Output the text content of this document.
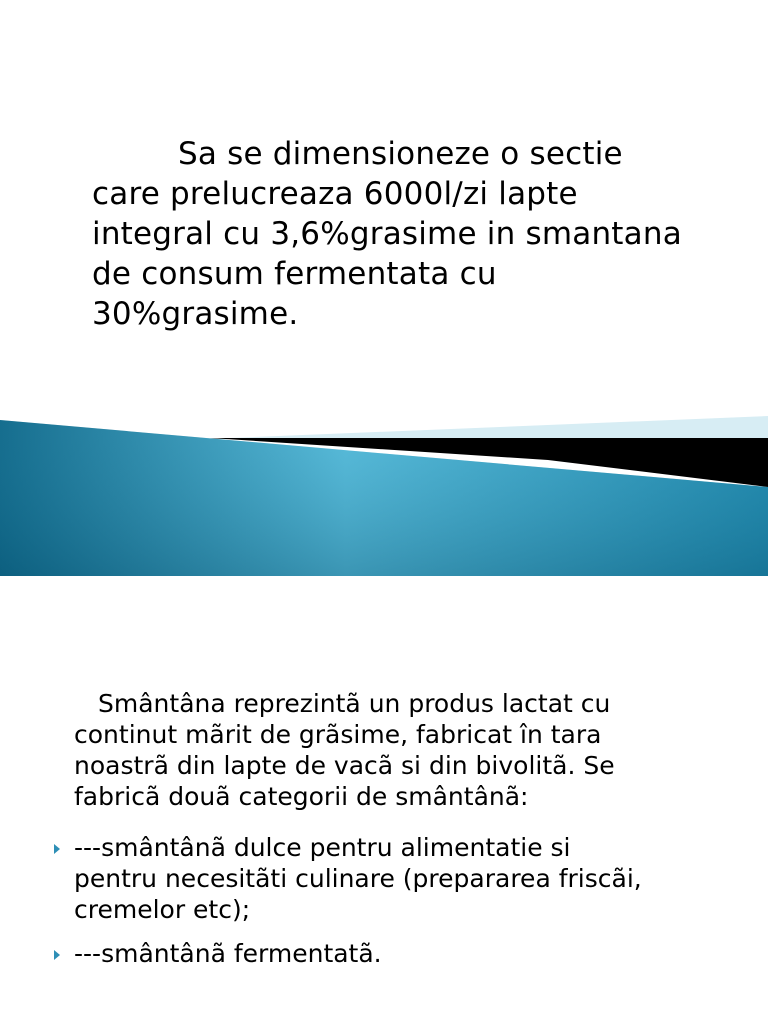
Sa se dimensioneze o sectie
care prelucreaza 6000l/zi lapte
integral cu 3,6%grasime in smantana
de consum fermentata cu
30%grasime.

Smântâna reprezintã un produs lactat cu
continut mãrit de grãsime, fabricat în tara
noastrã din lapte de vacã si din bivolitã. Se
fabricã douã categorii de smântânã:

---smântânã dulce pentru alimentatie si
pentru necesitãti culinare (prepararea friscãi,
cremelor etc);
---smântânã fermentatã.
